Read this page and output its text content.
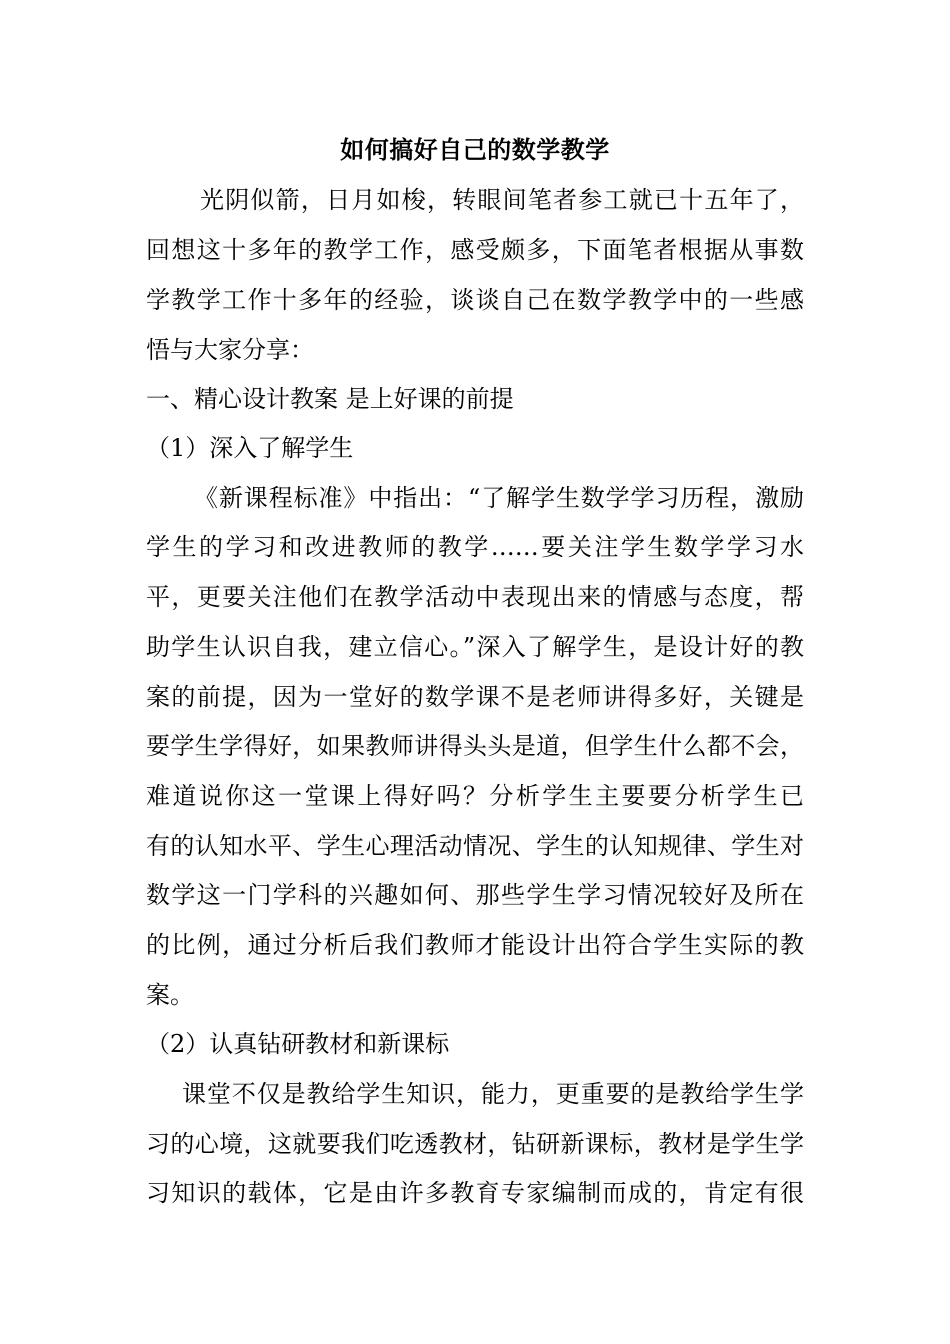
如何搞好自己的数学教学
光阴似箭，日月如梭，转眼间笔者参工就已十五年了，
回想这十多年的教学工作，感受颇多，下面笔者根据从事数
学教学工作十多年的经验，谈谈自己在数学教学中的一些感
悟与大家分享：
一、精心设计教案 是上好课的前提
（1）深入了解学生
《新课程标准》中指出：“了解学生数学学习历程，激励
学生的学习和改进教师的教学……要关注学生数学学习水
平，更要关注他们在教学活动中表现出来的情感与态度，帮
助学生认识自我，建立信心。”深入了解学生，是设计好的教
案的前提，因为一堂好的数学课不是老师讲得多好，关键是
要学生学得好，如果教师讲得头头是道，但学生什么都不会，
难道说你这一堂课上得好吗？分析学生主要要分析学生已
有的认知水平、学生心理活动情况、学生的认知规律、学生对
数学这一门学科的兴趣如何、那些学生学习情况较好及所在
的比例，通过分析后我们教师才能设计出符合学生实际的教
案。
（2）认真钻研教材和新课标
课堂不仅是教给学生知识，能力，更重要的是教给学生学
习的心境，这就要我们吃透教材，钻研新课标，教材是学生学
习知识的载体，它是由许多教育专家编制而成的，肯定有很
